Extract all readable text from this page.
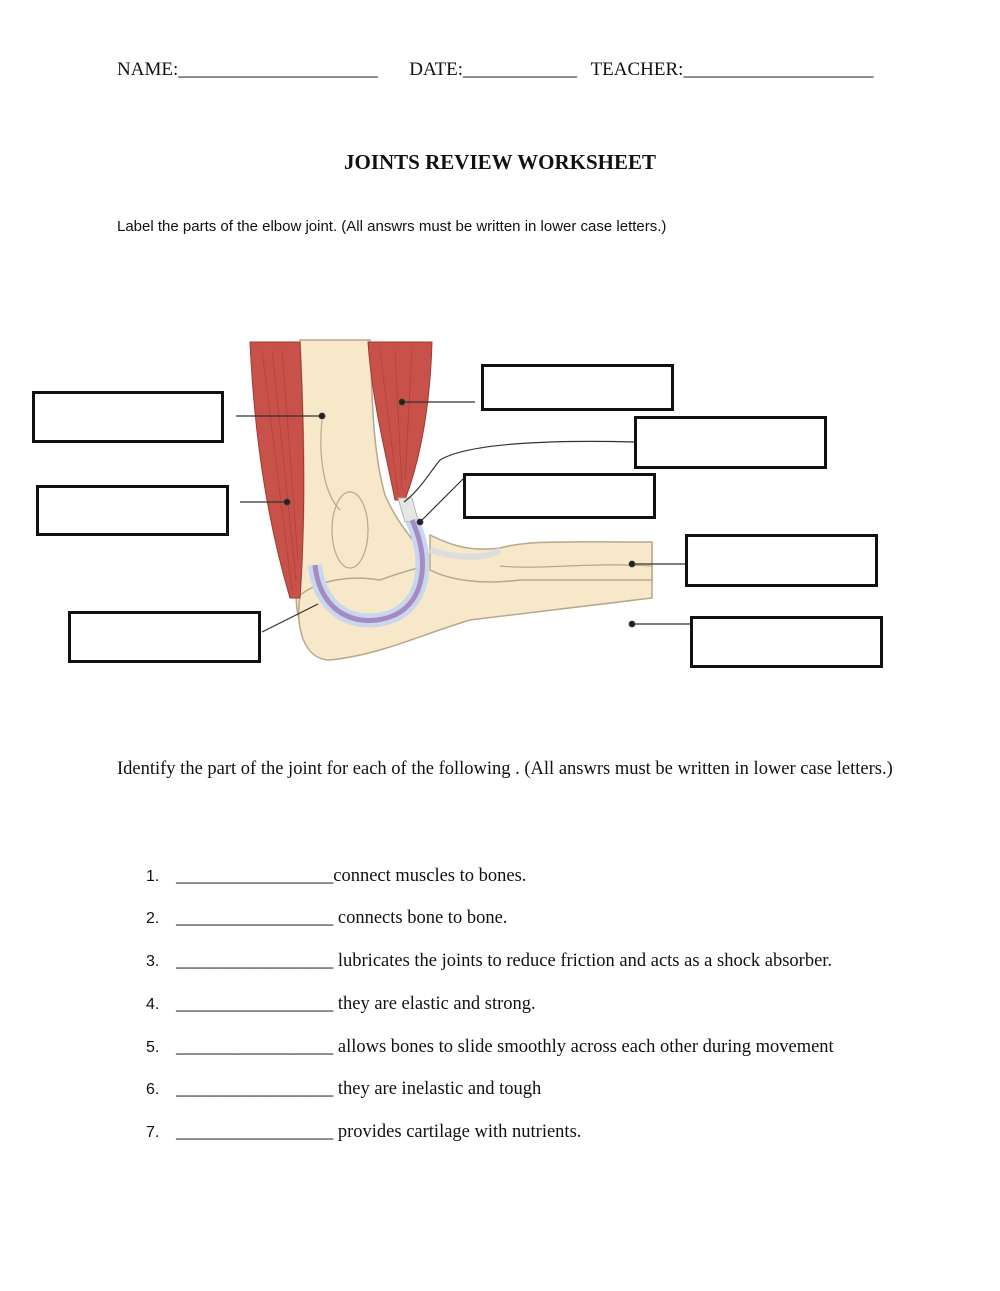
NAME:_____________________ DATE:____________ TEACHER:____________________
JOINTS REVIEW WORKSHEET
Label the parts of the elbow joint. (All answrs must be written in lower case letters.)
Identify the part of the joint for each of the following . (All answrs must be written in lower case letters.)
1. _________________connect muscles to bones.
2. _________________ connects bone to bone.
3. _________________ lubricates the joints to reduce friction and acts as a shock absorber.
4. _________________ they are elastic and strong.
5. _________________ allows bones to slide smoothly across each other during movement
6. _________________ they are inelastic and tough
7. _________________ provides cartilage with nutrients.
